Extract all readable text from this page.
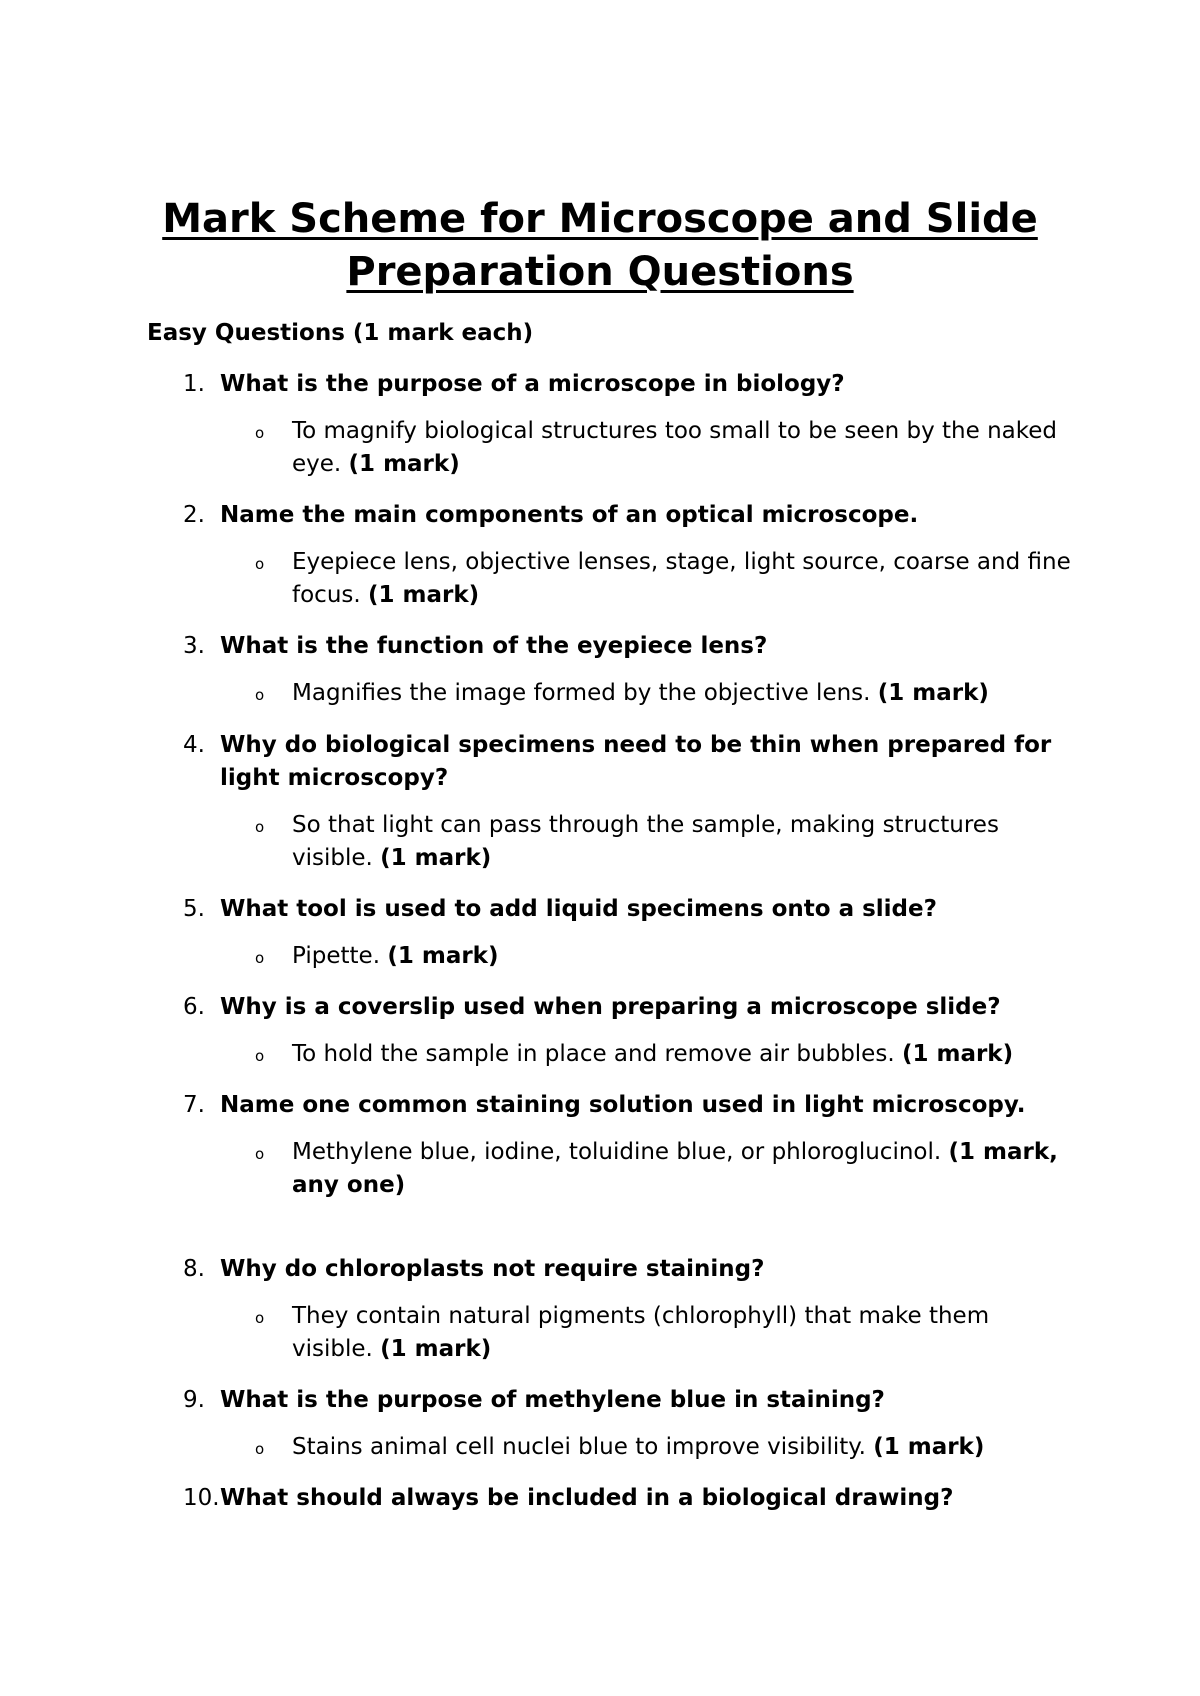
Mark Scheme for Microscope and Slide
Preparation Questions
Easy Questions (1 mark each)
1. What is the purpose of a microscope in biology?
o To magnify biological structures too small to be seen by the naked eye. (1 mark)
2. Name the main components of an optical microscope.
o Eyepiece lens, objective lenses, stage, light source, coarse and fine focus. (1 mark)
3. What is the function of the eyepiece lens?
o Magnifies the image formed by the objective lens. (1 mark)
4. Why do biological specimens need to be thin when prepared for light microscopy?
o So that light can pass through the sample, making structures visible. (1 mark)
5. What tool is used to add liquid specimens onto a slide?
o Pipette. (1 mark)
6. Why is a coverslip used when preparing a microscope slide?
o To hold the sample in place and remove air bubbles. (1 mark)
7. Name one common staining solution used in light microscopy.
o Methylene blue, iodine, toluidine blue, or phloroglucinol. (1 mark, any one)
8. Why do chloroplasts not require staining?
o They contain natural pigments (chlorophyll) that make them visible. (1 mark)
9. What is the purpose of methylene blue in staining?
o Stains animal cell nuclei blue to improve visibility. (1 mark)
10. What should always be included in a biological drawing?
